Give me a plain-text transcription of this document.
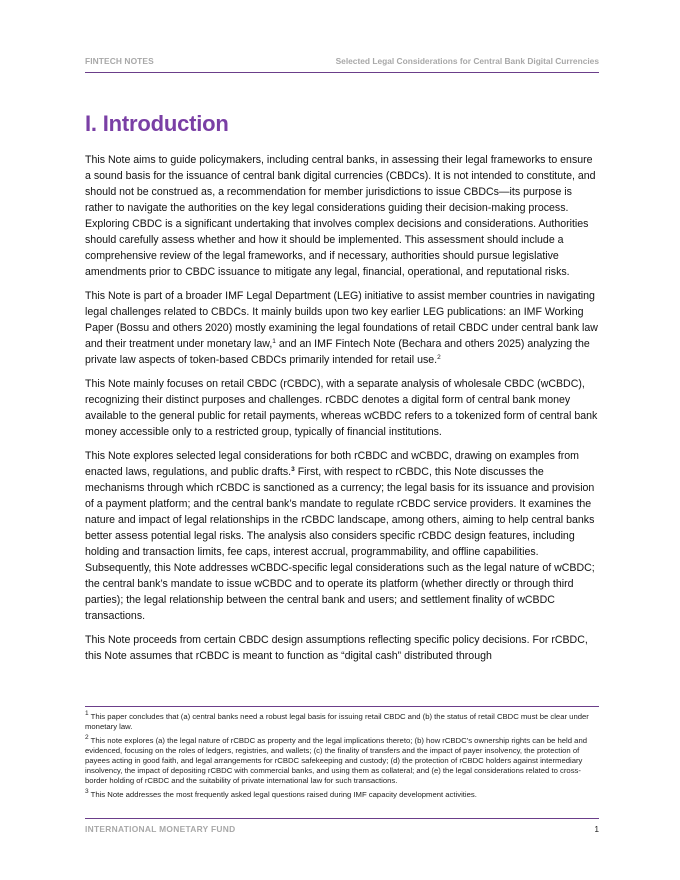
FINTECH NOTES	Selected Legal Considerations for Central Bank Digital Currencies
I. Introduction

This Note aims to guide policymakers, including central banks, in assessing their legal frameworks to ensure a sound basis for the issuance of central bank digital currencies (CBDCs). It is not intended to constitute, and should not be construed as, a recommendation for member jurisdictions to issue CBDCs—its purpose is rather to navigate the authorities on the key legal considerations guiding their decision-making process. Exploring CBDC is a significant undertaking that involves complex decisions and considerations. Authorities should carefully assess whether and how it should be implemented. This assessment should include a comprehensive review of the legal frameworks, and if necessary, authorities should pursue legislative amendments prior to CBDC issuance to mitigate any legal, financial, operational, and reputational risks.

This Note is part of a broader IMF Legal Department (LEG) initiative to assist member countries in navigating legal challenges related to CBDCs. It mainly builds upon two key earlier LEG publications: an IMF Working Paper (Bossu and others 2020) mostly examining the legal foundations of retail CBDC under central bank law and their treatment under monetary law,$^1$ and an IMF Fintech Note (Bechara and others 2025) analyzing the private law aspects of token-based CBDCs primarily intended for retail use.$^2$

This Note mainly focuses on retail CBDC (rCBDC), with a separate analysis of wholesale CBDC (wCBDC), recognizing their distinct purposes and challenges. rCBDC denotes a digital form of central bank money available to the general public for retail payments, whereas wCBDC refers to a tokenized form of central bank money accessible only to a restricted group, typically of financial institutions.

This Note explores selected legal considerations for both rCBDC and wCBDC, drawing on examples from enacted laws, regulations, and public drafts.$^3$ First, with respect to rCBDC, this Note discusses the mechanisms through which rCBDC is sanctioned as a currency; the legal basis for its issuance and provision of a payment platform; and the central bank’s mandate to regulate rCBDC service providers. It examines the nature and impact of legal relationships in the rCBDC landscape, among others, aiming to help central banks better assess potential legal risks. The analysis also considers specific rCBDC design features, including holding and transaction limits, fee caps, interest accrual, programmability, and offline capabilities. Subsequently, this Note addresses wCBDC-specific legal considerations such as the legal nature of wCBDC; the central bank’s mandate to issue wCBDC and to operate its platform (whether directly or through third parties); the legal relationship between the central bank and users; and settlement finality of wCBDC transactions.

This Note proceeds from certain CBDC design assumptions reflecting specific policy decisions. For rCBDC, this Note assumes that rCBDC is meant to function as “digital cash” distributed through

$^1$ This paper concludes that (a) central banks need a robust legal basis for issuing retail CBDC and (b) the status of retail CBDC must be clear under monetary law.

$^2$ This note explores (a) the legal nature of rCBDC as property and the legal implications thereto; (b) how rCBDC’s ownership rights can be held and evidenced, focusing on the roles of ledgers, registries, and wallets; (c) the finality of transfers and the impact of payer insolvency, the protection of payees acting in good faith, and legal arrangements for rCBDC safekeeping and custody; (d) the protection of rCBDC holders against intermediary insolvency, the impact of depositing rCBDC with commercial banks, and using them as collateral; and (e) the legal considerations related to cross-border holding of rCBDC and the suitability of private international law for such transactions.

$^3$ This Note addresses the most frequently asked legal questions raised during IMF capacity development activities.

INTERNATIONAL MONETARY FUND	1
